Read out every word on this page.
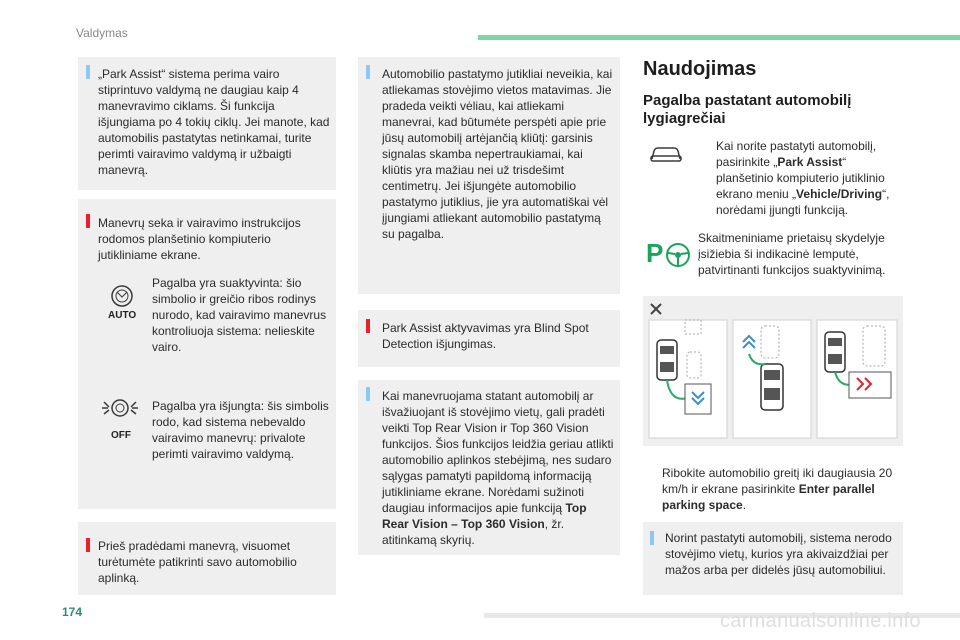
Valdymas
174	carmanualsonline.info
„Park Assist“ sistema perima vairo stiprintuvo valdymą ne daugiau kaip 4 manevravimo ciklams. Ši funkcija išjungiama po 4 tokių ciklų. Jei manote, kad automobilis pastatytas netinkamai, turite perimti vairavimo valdymą ir užbaigti manevrą.
Manevrų seka ir vairavimo instrukcijos rodomos planšetinio kompiuterio jutikliniame ekrane.
AUTO
Pagalba yra suaktyvinta: šio simbolio ir greičio ribos rodinys nurodo, kad vairavimo manevrus kontroliuoja sistema: nelieskite vairo.
OFF
Pagalba yra išjungta: šis simbolis rodo, kad sistema nebevaldo vairavimo manevrų: privalote perimti vairavimo valdymą.
Prieš pradėdami manevrą, visuomet turėtumėte patikrinti savo automobilio aplinką.
Automobilio pastatymo jutikliai neveikia, kai atliekamas stovėjimo vietos matavimas. Jie pradeda veikti vėliau, kai atliekami manevrai, kad būtumėte perspėti apie prie jūsų automobilį artėjančią kliūtį: garsinis signalas skamba nepertraukiamai, kai kliūtis yra mažiau nei už trisdešimt centimetrų. Jei išjungėte automobilio pastatymo jutiklius, jie yra automatiškai vėl įjungiami atliekant automobilio pastatymą su pagalba.
Park Assist aktyvavimas yra Blind Spot Detection išjungimas.
Kai manevruojama statant automobilį ar išvažiuojant iš stovėjimo vietų, gali pradėti veikti Top Rear Vision ir Top 360 Vision funkcijos. Šios funkcijos leidžia geriau atlikti automobilio aplinkos stebėjimą, nes sudaro sąlygas pamatyti papildomą informaciją jutikliniame ekrane. Norėdami sužinoti daugiau informacijos apie funkciją Top Rear Vision – Top 360 Vision, žr. atitinkamą skyrių.
Naudojimas
Pagalba pastatant automobilį lygiagrečiai
Kai norite pastatyti automobilį, pasirinkite „Park Assist“ planšetinio kompiuterio jutiklinio ekrano meniu „Vehicle/Driving“, norėdami įjungti funkciją.
P	Skaitmeniniame prietaisų skydelyje įsižiebia ši indikacinė lemputė, patvirtinanti funkcijos suaktyvinimą.
Ribokite automobilio greitį iki daugiausia 20 km/h ir ekrane pasirinkite Enter parallel parking space.
Norint pastatyti automobilį, sistema nerodo stovėjimo vietų, kurios yra akivaizdžiai per mažos arba per didelės jūsų automobiliui.
